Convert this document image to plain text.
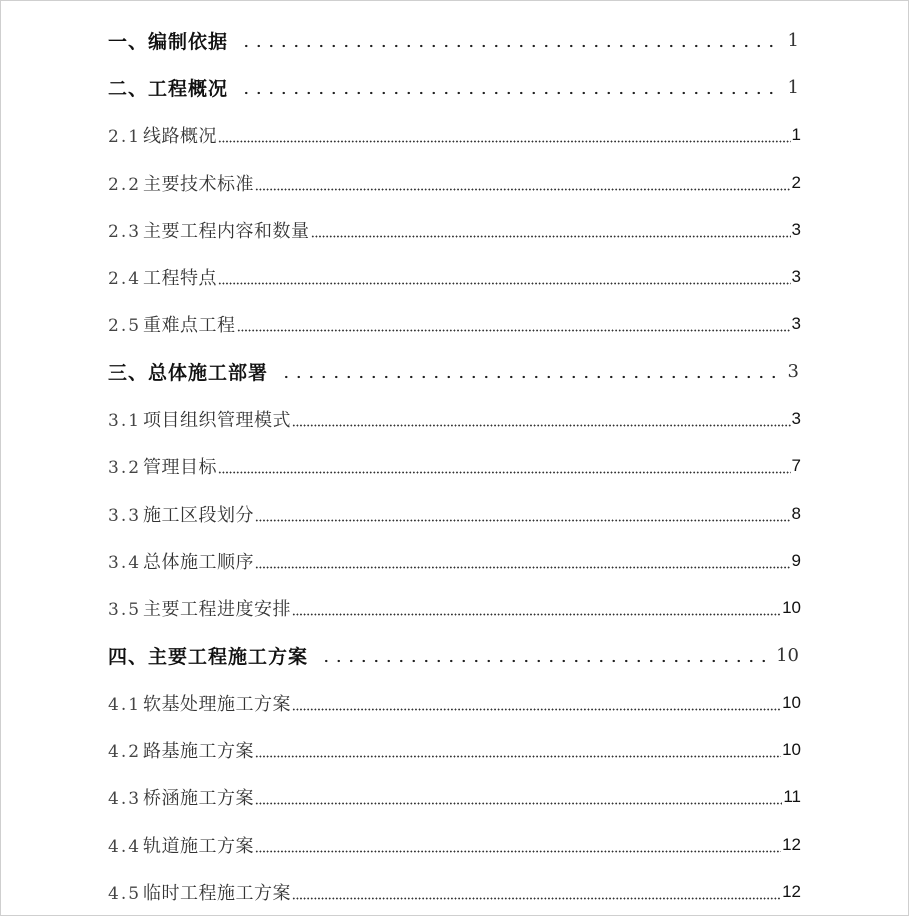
一、编制依据	1
二、工程概况	1
2.1 线路概况	1
2.2 主要技术标准	2
2.3 主要工程内容和数量	3
2.4 工程特点	3
2.5 重难点工程	3
三、总体施工部署	3
3.1 项目组织管理模式	3
3.2 管理目标	7
3.3 施工区段划分	8
3.4 总体施工顺序	9
3.5 主要工程进度安排	10
四、主要工程施工方案	10
4.1 软基处理施工方案	10
4.2 路基施工方案	10
4.3 桥涵施工方案	11
4.4 轨道施工方案	12
4.5 临时工程施工方案	12
